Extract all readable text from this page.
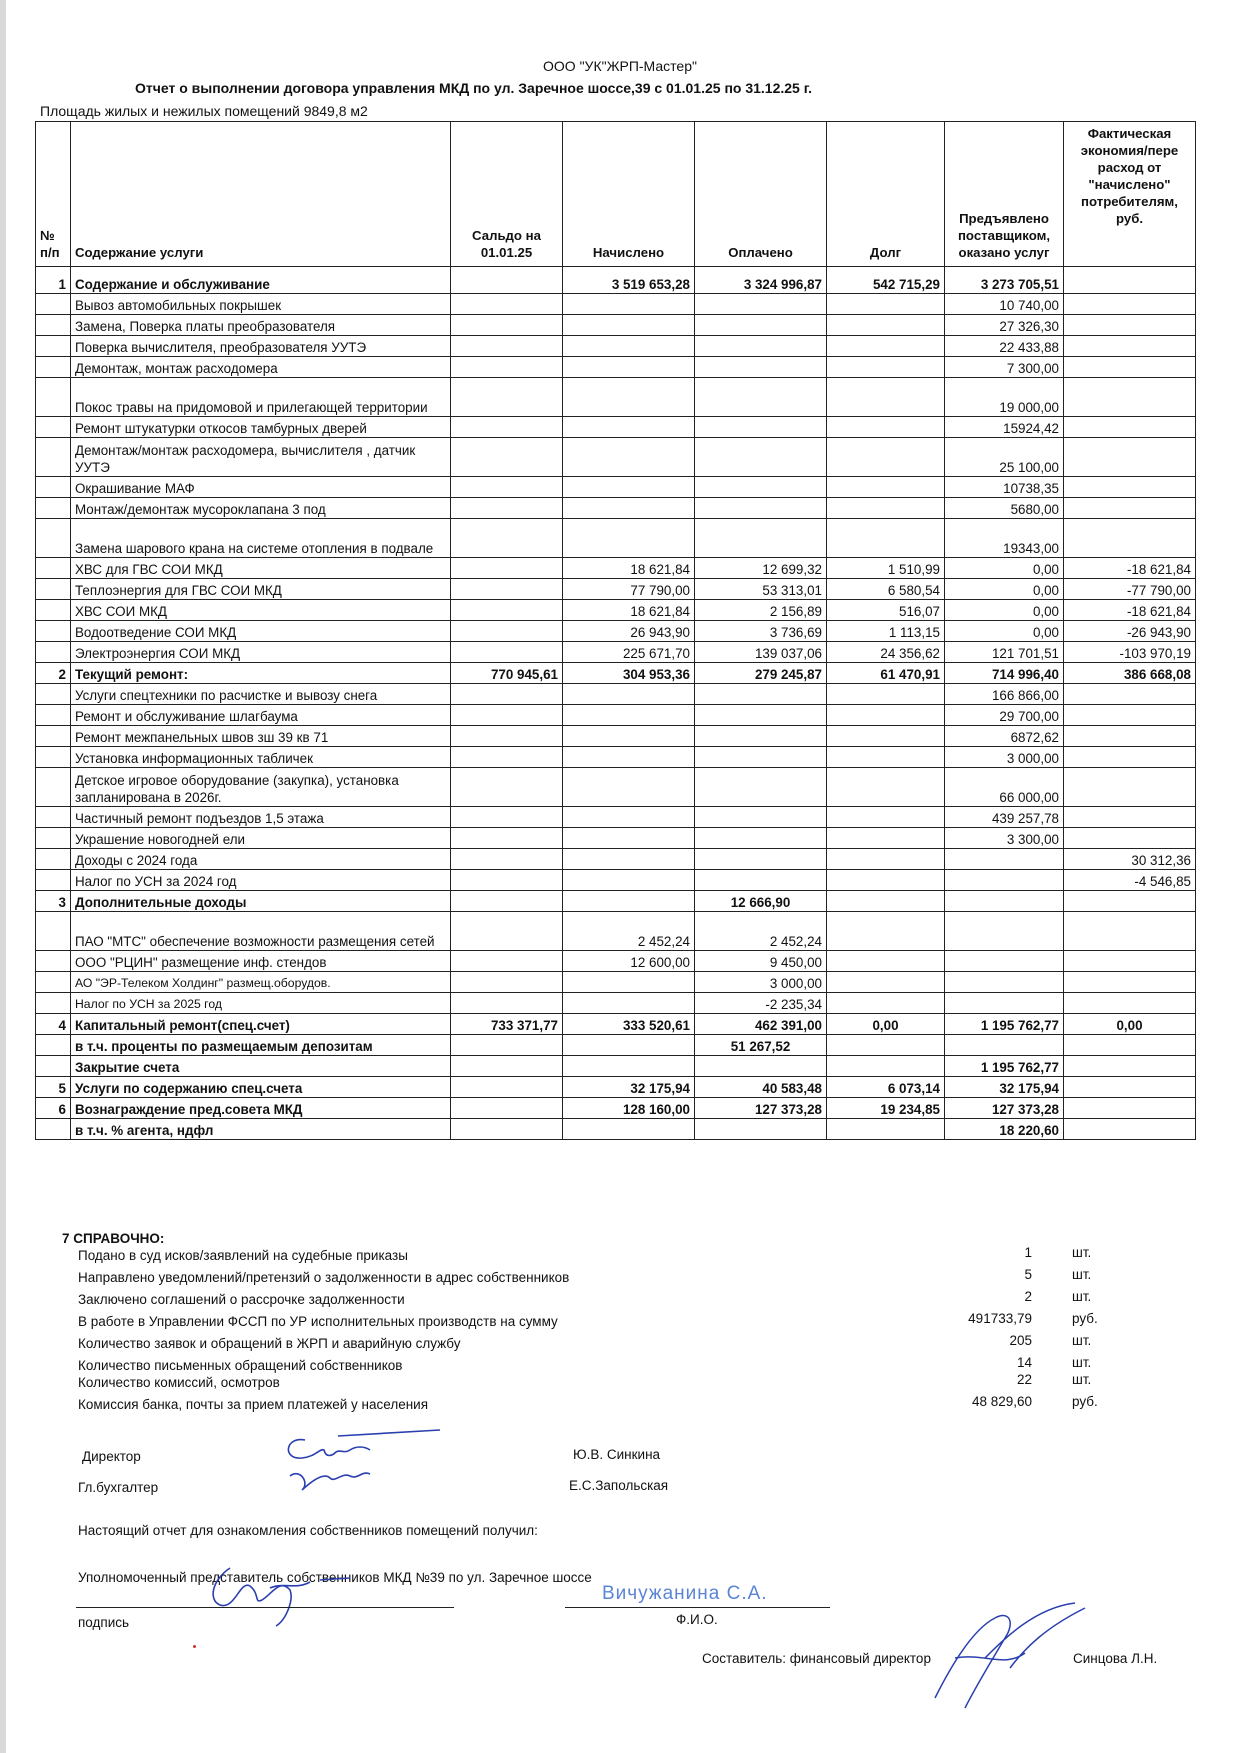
ООО "УК"ЖРП-Мастер"
Отчет о выполнении договора управления МКД по ул. Заречное шоссе,39 с 01.01.25 по 31.12.25 г.
Площадь жилых и нежилых помещений 9849,8 м2
№ п/п	Содержание услуги	Сальдо на 01.01.25	Начислено	Оплачено	Долг	Предъявлено поставщиком, оказано услуг	Фактическая экономия/пере расход от "начислено" потребителям, руб.
1	Содержание и обслуживание		3 519 653,28	3 324 996,87	542 715,29	3 273 705,51	
	Вывоз автомобильных покрышек					10 740,00	
	Замена, Поверка платы преобразователя					27 326,30	
	Поверка вычислителя, преобразователя УУТЭ					22 433,88	
	Демонтаж, монтаж расходомера					7 300,00	
	Покос травы на придомовой и прилегающей территории					19 000,00	
	Ремонт штукатурки откосов тамбурных дверей					15924,42	
	Демонтаж/монтаж расходомера, вычислителя , датчик УУТЭ					25 100,00	
	Окрашивание МАФ					10738,35	
	Монтаж/демонтаж мусороклапана 3 под					5680,00	
	Замена шарового крана на системе отопления в подвале					19343,00	
	ХВС для ГВС СОИ МКД		18 621,84	12 699,32	1 510,99	0,00	-18 621,84
	Теплоэнергия для ГВС СОИ МКД		77 790,00	53 313,01	6 580,54	0,00	-77 790,00
	ХВС СОИ МКД		18 621,84	2 156,89	516,07	0,00	-18 621,84
	Водоотведение СОИ МКД		26 943,90	3 736,69	1 113,15	0,00	-26 943,90
	Электроэнергия СОИ МКД		225 671,70	139 037,06	24 356,62	121 701,51	-103 970,19
2	Текущий ремонт:	770 945,61	304 953,36	279 245,87	61 470,91	714 996,40	386 668,08
	Услуги спецтехники по расчистке и вывозу снега					166 866,00	
	Ремонт и обслуживание шлагбаума					29 700,00	
	Ремонт межпанельных швов зш 39 кв 71					6872,62	
	Установка информационных табличек					3 000,00	
	Детское игровое оборудование (закупка), установка запланирована в 2026г.					66 000,00	
	Частичный ремонт подъездов 1,5 этажа					439 257,78	
	Украшение новогодней ели					3 300,00	
	Доходы с 2024 года						30 312,36
	Налог по УСН за 2024 год						-4 546,85
3	Дополнительные доходы			12 666,90			
	ПАО "МТС" обеспечение возможности размещения сетей		2 452,24	2 452,24			
	ООО "РЦИН" размещение инф. стендов		12 600,00	9 450,00			
	АО "ЭР-Телеком Холдинг" размещ.оборудов.			3 000,00			
	Налог по УСН за 2025 год			-2 235,34			
4	Капитальный ремонт(спец.счет)	733 371,77	333 520,61	462 391,00	0,00	1 195 762,77	0,00
	в т.ч. проценты по размещаемым депозитам			51 267,52			
	Закрытие счета					1 195 762,77	
5	Услуги по содержанию спец.счета		32 175,94	40 583,48	6 073,14	32 175,94	
6	Вознаграждение пред.совета МКД		128 160,00	127 373,28	19 234,85	127 373,28	
	в т.ч. % агента, ндфл					18 220,60	
7 СПРАВОЧНО:
Подано в суд исков/заявлений на судебные приказы	1	шт.
Направлено уведомлений/претензий о задолженности в адрес собственников	5	шт.
Заключено соглашений о рассрочке задолженности	2	шт.
В работе в Управлении ФССП по УР исполнительных производств на сумму	491733,79	руб.
Количество заявок и обращений в ЖРП и аварийную службу	205	шт.
Количество письменных обращений собственников	14	шт.
Количество комиссий, осмотров	22	шт.
Комиссия банка, почты за прием платежей у населения	48 829,60	руб.
Директор	Ю.В. Синкина
Гл.бухгалтер	Е.С.Запольская
Настоящий отчет для ознакомления собственников помещений получил:
Уполномоченный представитель собственников МКД №39 по ул. Заречное шоссе
Вичужанина С.А.
подпись	Ф.И.О.
Составитель: финансовый директор	Синцова Л.Н.
